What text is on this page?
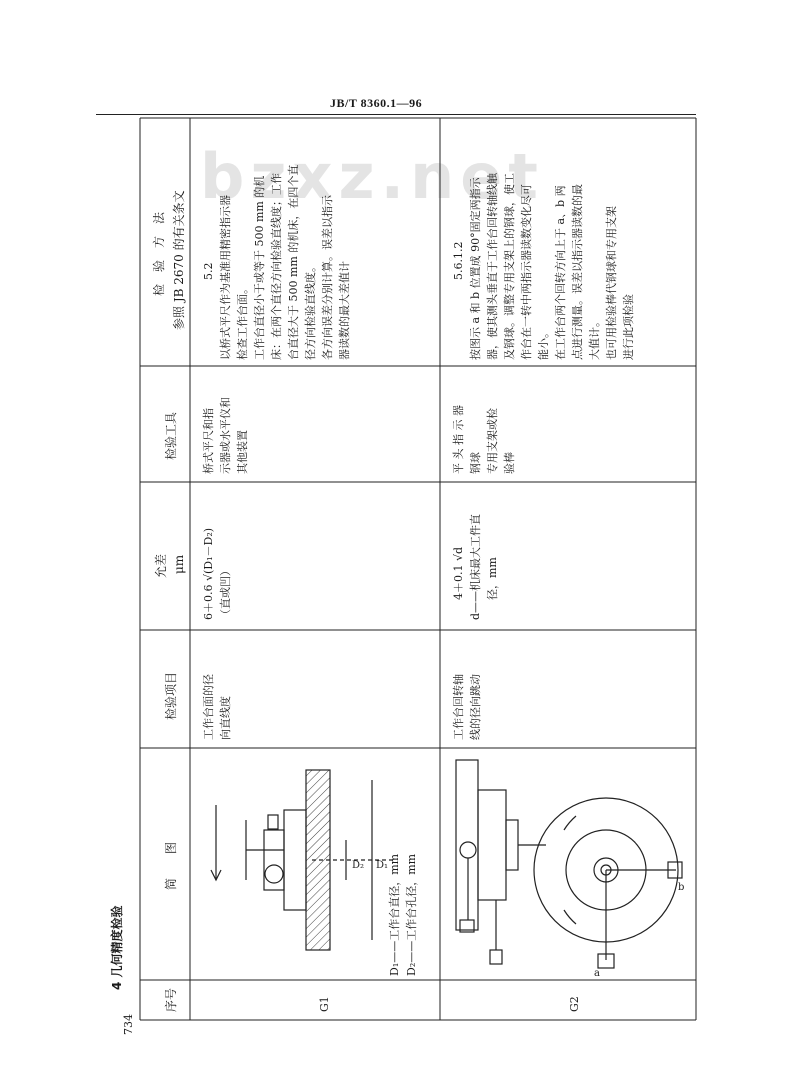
JB/T 8360.1—96
bzxz.net
734
4 几何精度检验
序号
简　　图
检验项目
允差 μm
检验工具
检　验　方　法 参照 JB 2670 的有关条文
G1
工作台面的径 向直线度
6＋0.6 √(D₁－D₂) （直或凹）
桥式平尺和指 示器或水平仪和 其他装置
5.2 以桥式平尺作为基准用精密指示器 检查工作台面。 工作台直径小于或等于 500 mm 的机 床：在两个直径方向检验直线度；工作 台直径大于 500 mm 的机床，在四个直 径方向检验直线度。 各方向误差分别计算。误差以指示 器读数的最大差值计
D₁——工作台直径，mm D₂——工作台孔径，mm
D₂ D₁
G2
工作台回转轴 线的径向跳动
4＋0.1 √d d——机床最大工件直 径，mm
平 头 指 示 器 钢球 专用支架或检 验棒
5.6.1.2 按图示 a 和 b 位置成 90°固定两指示 器，使其测头垂直于工作台回转轴线触 及钢球。调整专用支架上的钢球，使工 作台在一转中两指示器读数变化尽可 能小。 在工作台两个回转方向上于 a、b 两 点进行测量。误差以指示器读数的最 大值计。 也可用检验棒代钢球和专用支架 进行此项检验
a
b
